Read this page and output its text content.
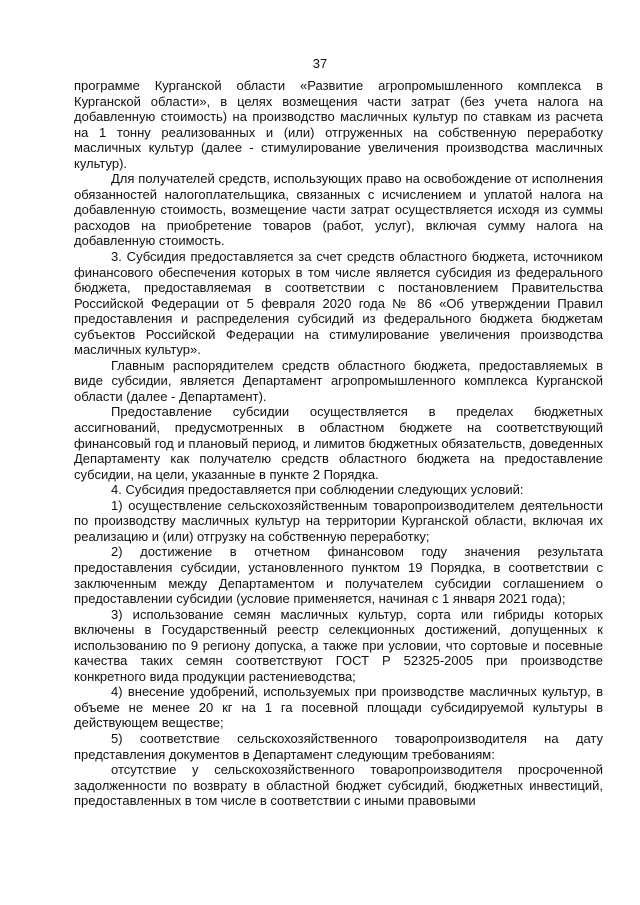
37

программе Курганской области «Развитие агропромышленного комплекса в Курганской области», в целях возмещения части затрат (без учета налога на добавленную стоимость) на производство масличных культур по ставкам из расчета на 1 тонну реализованных и (или) отгруженных на собственную переработку масличных культур (далее - стимулирование увеличения производства масличных культур).

Для получателей средств, использующих право на освобождение от исполнения обязанностей налогоплательщика, связанных с исчислением и уплатой налога на добавленную стоимость, возмещение части затрат осуществляется исходя из суммы расходов на приобретение товаров (работ, услуг), включая сумму налога на добавленную стоимость.

3. Субсидия предоставляется за счет средств областного бюджета, источником финансового обеспечения которых в том числе является субсидия из федерального бюджета, предоставляемая в соответствии с постановлением Правительства Российской Федерации от 5 февраля 2020 года № 86 «Об утверждении Правил предоставления и распределения субсидий из федерального бюджета бюджетам субъектов Российской Федерации на стимулирование увеличения производства масличных культур».

Главным распорядителем средств областного бюджета, предоставляемых в виде субсидии, является Департамент агропромышленного комплекса Курганской области (далее - Департамент).

Предоставление субсидии осуществляется в пределах бюджетных ассигнований, предусмотренных в областном бюджете на соответствующий финансовый год и плановый период, и лимитов бюджетных обязательств, доведенных Департаменту как получателю средств областного бюджета на предоставление субсидии, на цели, указанные в пункте 2 Порядка.

4. Субсидия предоставляется при соблюдении следующих условий:

1) осуществление сельскохозяйственным товаропроизводителем деятельности по производству масличных культур на территории Курганской области, включая их реализацию и (или) отгрузку на собственную переработку;

2) достижение в отчетном финансовом году значения результата предоставления субсидии, установленного пунктом 19 Порядка, в соответствии с заключенным между Департаментом и получателем субсидии соглашением о предоставлении субсидии (условие применяется, начиная с 1 января 2021 года);

3) использование семян масличных культур, сорта или гибриды которых включены в Государственный реестр селекционных достижений, допущенных к использованию по 9 региону допуска, а также при условии, что сортовые и посевные качества таких семян соответствуют ГОСТ Р 52325-2005 при производстве конкретного вида продукции растениеводства;

4) внесение удобрений, используемых при производстве масличных культур, в объеме не менее 20 кг на 1 га посевной площади субсидируемой культуры в действующем веществе;

5) соответствие сельскохозяйственного товаропроизводителя на дату представления документов в Департамент следующим требованиям:

отсутствие у сельскохозяйственного товаропроизводителя просроченной задолженности по возврату в областной бюджет субсидий, бюджетных инвестиций, предоставленных в том числе в соответствии с иными правовыми
